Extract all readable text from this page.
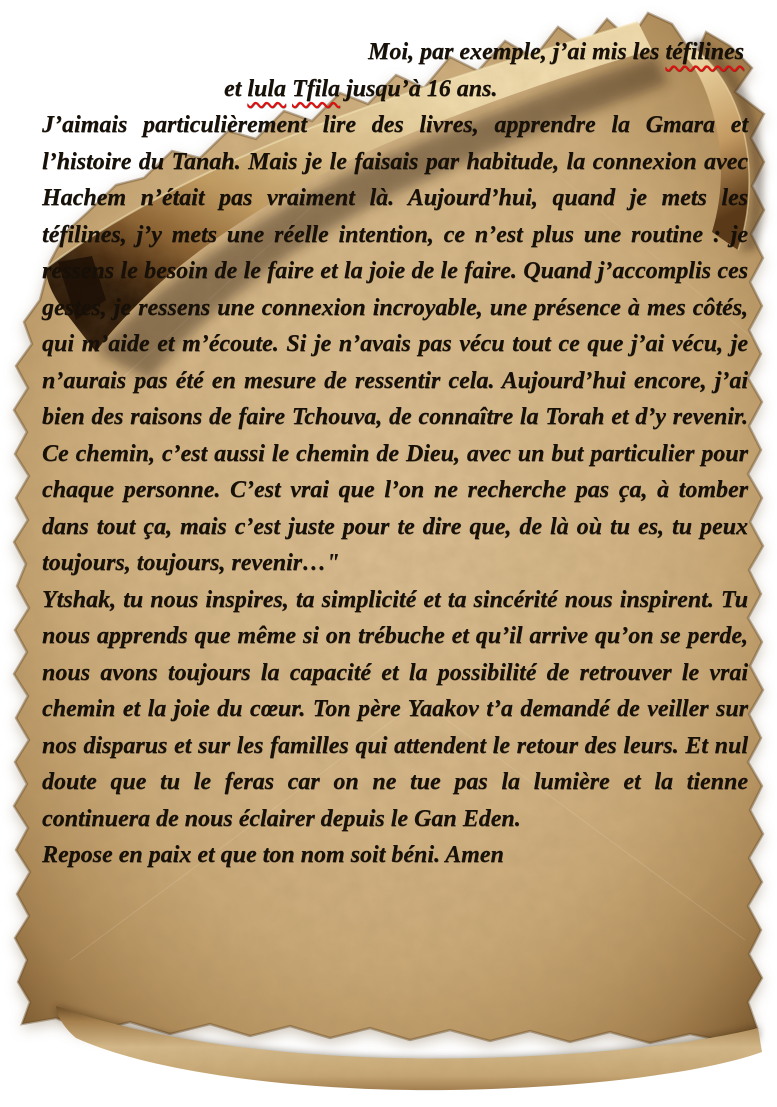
Moi, par exemple, j’ai mis les téfilines
et lula Tfila jusqu’à 16 ans.

J’aimais particulièrement lire des livres, apprendre la Gmara et l’histoire du Tanah. Mais je le faisais par habitude, la connexion avec Hachem n’était pas vraiment là. Aujourd’hui, quand je mets les téfilines, j’y mets une réelle intention, ce n’est plus une routine : je ressens le besoin de le faire et la joie de le faire. Quand j’accomplis ces gestes, je ressens une connexion incroyable, une présence à mes côtés, qui m’aide et m’écoute. Si je n’avais pas vécu tout ce que j’ai vécu, je n’aurais pas été en mesure de ressentir cela. Aujourd’hui encore, j’ai bien des raisons de faire Tchouva, de connaître la Torah et d’y revenir. Ce chemin, c’est aussi le chemin de Dieu, avec un but particulier pour chaque personne. C’est vrai que l’on ne recherche pas ça, à tomber dans tout ça, mais c’est juste pour te dire que, de là où tu es, tu peux toujours, toujours, revenir…"

Ytshak, tu nous inspires, ta simplicité et ta sincérité nous inspirent. Tu nous apprends que même si on trébuche et qu’il arrive qu’on se perde, nous avons toujours la capacité et la possibilité de retrouver le vrai chemin et la joie du cœur. Ton père Yaakov t’a demandé de veiller sur nos disparus et sur les familles qui attendent le retour des leurs. Et nul doute que tu le feras car on ne tue pas la lumière et la tienne continuera de nous éclairer depuis le Gan Eden.

Repose en paix et que ton nom soit béni. Amen
